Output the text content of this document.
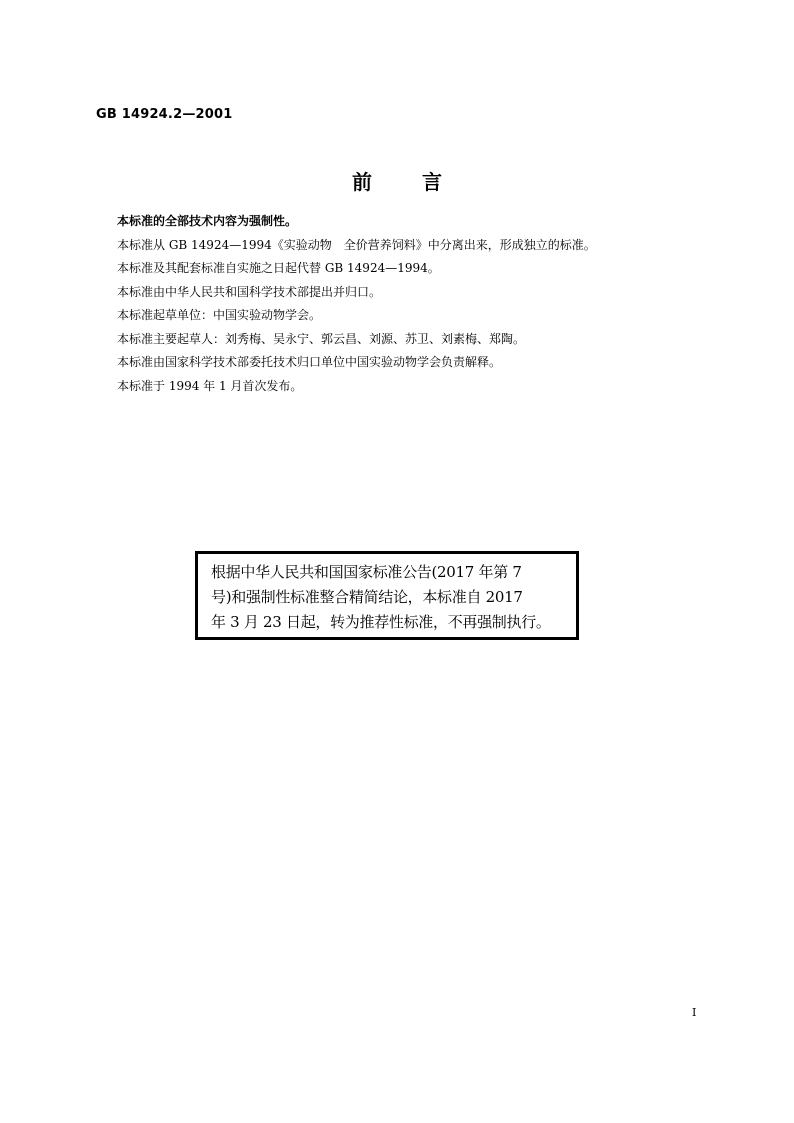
GB 14924.2—2001
前言
本标准的全部技术内容为强制性。
本标准从 GB 14924—1994《实验动物　全价营养饲料》中分离出来，形成独立的标准。
本标准及其配套标准自实施之日起代替 GB 14924—1994。
本标准由中华人民共和国科学技术部提出并归口。
本标准起草单位：中国实验动物学会。
本标准主要起草人：刘秀梅、吴永宁、郭云昌、刘源、苏卫、刘素梅、郑陶。
本标准由国家科学技术部委托技术归口单位中国实验动物学会负责解释。
本标准于 1994 年 1 月首次发布。
根据中华人民共和国国家标准公告(2017 年第 7
号)和强制性标准整合精简结论，本标准自 2017
年 3 月 23 日起，转为推荐性标准，不再强制执行。
I
